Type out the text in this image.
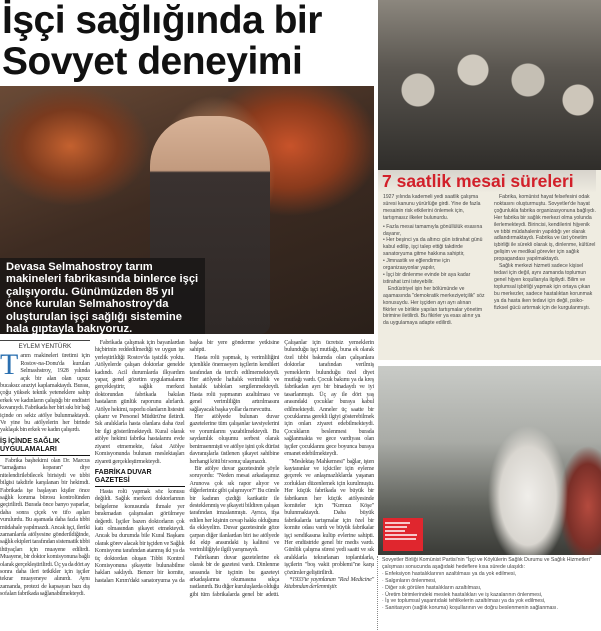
İşçi sağlığında bir Sovyet deneyimi
Devasa Selmahostroy tarım makineleri fabrikasında binlerce işçi çalışıyordu. Günümüzden 85 yıl önce kurulan Selmahostroy'da oluşturulan işçi sağlığı sistemine hala gıptayla bakıyoruz.
EYLEM YENTÜRK

Tarım makineleri üretimi için Rostov-na-Donu'da kurulan Selmashstroy, 1928 yılında açık bir alan olan uçsuz bucaksız araziyi kaplamaktaydı. Burası, çoğu yüksek teknik yeteneklere sahip erkek ve kadınların çalıştığı bir endüstri kovanıydı. Fabrikada her biri sıkı bir bağ içinde on sekiz atölye bulunmaktaydı. Ve yine bu atölyelerin her birinde yaklaşık bin erkek ve kadın çalışırdı.

İŞ İÇİNDE SAĞLIK UYGULAMALARI

Fabrika başhekimi olan Dr. Marcus "tamağama koparan" diye nitelendirilebilecek birisiydi ve tıbbi bilgisi takdirle karşılanan bir hekimdi. Fabrikada işe başlayan kişiler önce sağlık koruma bürosu kontrolünden geçirilirdi. Burada önce banyo yaparlar, daha sonra çiçek ve tifo aşıları vurulurdu. Bu aşamada daha fazla tıbbi müdahale yapılmazdı. Ancak işçi, ileriki zamanlarda atölyesine gönderildiğinde, sağlık ekipleri tarafından sistematik tıbbi ihtiyaçları için muayene edilirdi. Muayene, bir doktor komisyonuna bağlı olarak gerçekleştirilirdi. Üç ya da dört ay sonra daha ileri tetkikler için işçiler tekrar muayeneye alınırdı. Aynı zamanda, protezi de kapsayan bazı dış sofaları fabrikada sağlanabilmekteydi.

Fabrikada çalışmak için bayanlardan hiçbirinin reddedilmediği ve uygun işe yerleştirildiği Rostov'da işsizlik yoktu. Atölyelerde çalışan doktorlar genelde kadındı. Acil durumlarda ilkyardım yapar, genel gözetim uygulamalarını gerçekleştirir, sağlık merkezi doktorundan fabrikada bakılan hastaların günlük raporunu alırlardı. Atölye hekimi, raporlu olanların listesini çıkarır ve Personel Müdürü'ne iletirdi. Sık aralıklarla hasta olanlara daha özel bir ilgi gösterilmekteydi. Kural olarak atölye hekimi fabrika hastalarını evde ziyaret etmemekte, fakat Atölye Komisyonunda bulunan meslektaşları ziyareti gerçekleştirmekteydi.

FABRİKA DUVAR GAZETESİ

Hasta rolü yapmak söz konusu değildi. Sağlık merkezi doktorlarının belgeleme konusunda ihmale yer bırakmadan çalışmaları görülmeye değerdi. İşçiler bazen doktorların çok katı olmasından şikayet etmekteydi. Ancak bu durumda bile Kural Başkanı olarak görev alacak bir işçiden ve Sağlık Komisyonu tarafından atanmış iki ya da üç doktordan oluşan Tıbbi Kontrol Komisyonuna şikayette bulunabilme hakları saklıydı. Benzer bir komite, hastaları Kırım'daki sanatoryuma ya da başka bir yere gönderme yetkisine sahipti.

Hasta rolü yapmak, iş verimliliğini içtenlikle önemseyen işçilerin kendileri tarafından da tercih edilmemekteydi. Her atölyede haftalık verimlilik ve hastalık tabloları sergilenmekteydi. Hasta rolü yapmanın azaltılması ve genel verimliliğin artırılmasını sağlayacak başka yollar da mevcuttu.

Her atölyede bulunan duvar gazetelerine tüm çalışanlar tavsiyelerini ve yorumlarını yazabilmekteydi. Bu saydamlık oluşumu serbest olarak benimsenmişti ve atölye işini çok dürüst davranışlarla üstlenen şikayet sahibine herhangi kötü bir sonuç ulaşmazdı.

Bir atölye duvar gazetesinde şöyle soruyordu: "Neden mesai arkadaşımız Arunova çok sık rapor alıyor ve diğerlerimiz gibi çalışmıyor?" Bu cümle bir kadının çizdiği karikatür ile desteklenmiş ve şikayeti bildiren çalışan tarafından imzalanmıştı. Ayrıca, ifşa edilen her kişinin cevap hakkı olduğunu da ekleyelim. Duvar gazetesinde göze çarpan diğer ilanlardan biri ise atölyede iki ekip arasındaki iş kalitesi ve verimliliğiyle ilgili yarışmaydı.

Fabrikanın duvar gazetelerine ek olarak bir de gazetesi vardı. Dinlenme sırasında bir işçinin bu gazeteyi arkadaşlarına okumasına sıkça rastlanırdı. Bu diğer kuruluşlarda olduğu gibi tüm fabrikalarda genel bir adetti. Çalışanlar için ücretsiz yemeklerin bulunduğu işçi mutfağı, buna ek olarak özel tıbbi bakımda olan çalışanlara doktorlar tarafından verilmiş yemeklerin bulunduğu özel diyet mutfağı vardı. Çocuk bakımı ya da kreş fabrikadan ayrı bir binadaydı ve iyi tasarlanmıştı. Üç ay ile dört yaş arasındaki çocuklar buraya kabul edilmekteydi. Anneler üç saatte bir çocuklarına gerekli ilgiyi gösterebilmek için onları ziyaret edebilmekteydi. Çocukların beslenmesi burada sağlanmakta ve gece vardiyası olan işçiler çocuklarını gece boyunca buraya emanet edebilmekteydi.

"Meslektaş Mahkemesi" bağlar, işten kaytaranlar ve içkiciler için eyleme geçerek ve anlaşmazlıklarda yaşanan zorlukları düzenlemek için kurulmuştu. Her küçük fabrikada ve büyük bir fabrikanın her küçük atölyesinde komiteler için "Kırmızı Köşe" bulunmaktaydı. Daha büyük fabrikalarda tartışmalar için özel bir komite odası vardı ve büyük fabrikalar işçi sendikasına kulüp evlerine sahipti. Her endüstride genel bir medis vardı. Günlük çalışma süresi yedi saatti ve sık aralıklarla tekrarlanan toplantılarla, işçilerin "boş vakit problemi"ne karşı çözümler geliştirilirdi.

*1933'te yayınlanan "Red Medicine" kitabından derlenmiştir.

7 saatlik mesai süreleri

1927 yılında kademeli yedi saatlik çalışma süresi kanunu yürürlüğe girdi. Yine de fazla mesainin risk etkilerini önlemek için, tartışmasız ilkeler bulunurdu.

• Fazla mesai tamamıyla gönüllülük esasına dayanır,
• Her beşinci ya da altıncı gün istirahat günü kabul edilip, işçi talep ettiği takdirde sanatoryuma gitme hakkına sahiptir,
• Jimnastik ve eğlendirme için organizasyonlar yapılır,
• İşçi bir dinlenme evinde bir aya kadar istirahat izni isteyebilir.

Endüstriyel işin her bölümünde ve aşamasında "demokratik merkeziyetçilik" söz konusuydu. Her işçiden ayrı ayrı alınan fikirler ve birlikte yapılan tartışmalar yönetim birimine iletilirdi. Bu fikirler ya esas alınır ya da uygulamaya adapte edilirdi.

Fabrika, komünist hayat felsefesini odak noktasını oluşturmuştu. Sovyetler'de hayat çoğunlukla fabrika organizasyonuna bağlıydı. Her fabrika bir sağlık merkezi olma yolunda ilerlemekteydi. Birincisi, kendilerini hijyenik ve tıbbi müdahalenin yapıldığı yer olarak adlandırmaktaydı. Fabrika ve üst yönetim işbirliği ile sürekli olarak iş, dinlenme, kültürel gelişim ve medikal görevler için sağlık propagandası yapılmaktaydı.

Sağlık merkezi hizmeti sadece kişisel tedavi için değil, aynı zamanda toplumun genel hijyen koşullarıyla ilgiliydi. Bilim ve toplumsal işbirliği yapmak için ortaya çıkan bu merkezler, sadece hastalıktan korunmak ya da hasta iken tedavi için değil, psiko-fizksel gücü artırmak için de kurgulanmıştı.

Sovyetler Birliği Komünist Partisi'nin "İşçi ve Köylülerin Sağlık Durumu ve Sağlık Hizmetleri" çalışması sonucunda aşağıdaki hedeflere kısa sürede ulaşıldı:

· Enfeksiyon hastalıklarının azaltılması ya da yok edilmesi,
· Salgınların önlenmesi,
· Diğer sık görülen hastalıkların azaltılması,
· Üretim birimlerindeki meslek hastalıkları ve iş kazalarının önlenmesi,
· İş ve toplumsal yaşantıdaki tehlikelerin azaltılması ya da yok edilmesi,
· Sanitasyon (sağlık koruma) koşullarının ve doğru beslenmenin sağlanması.
